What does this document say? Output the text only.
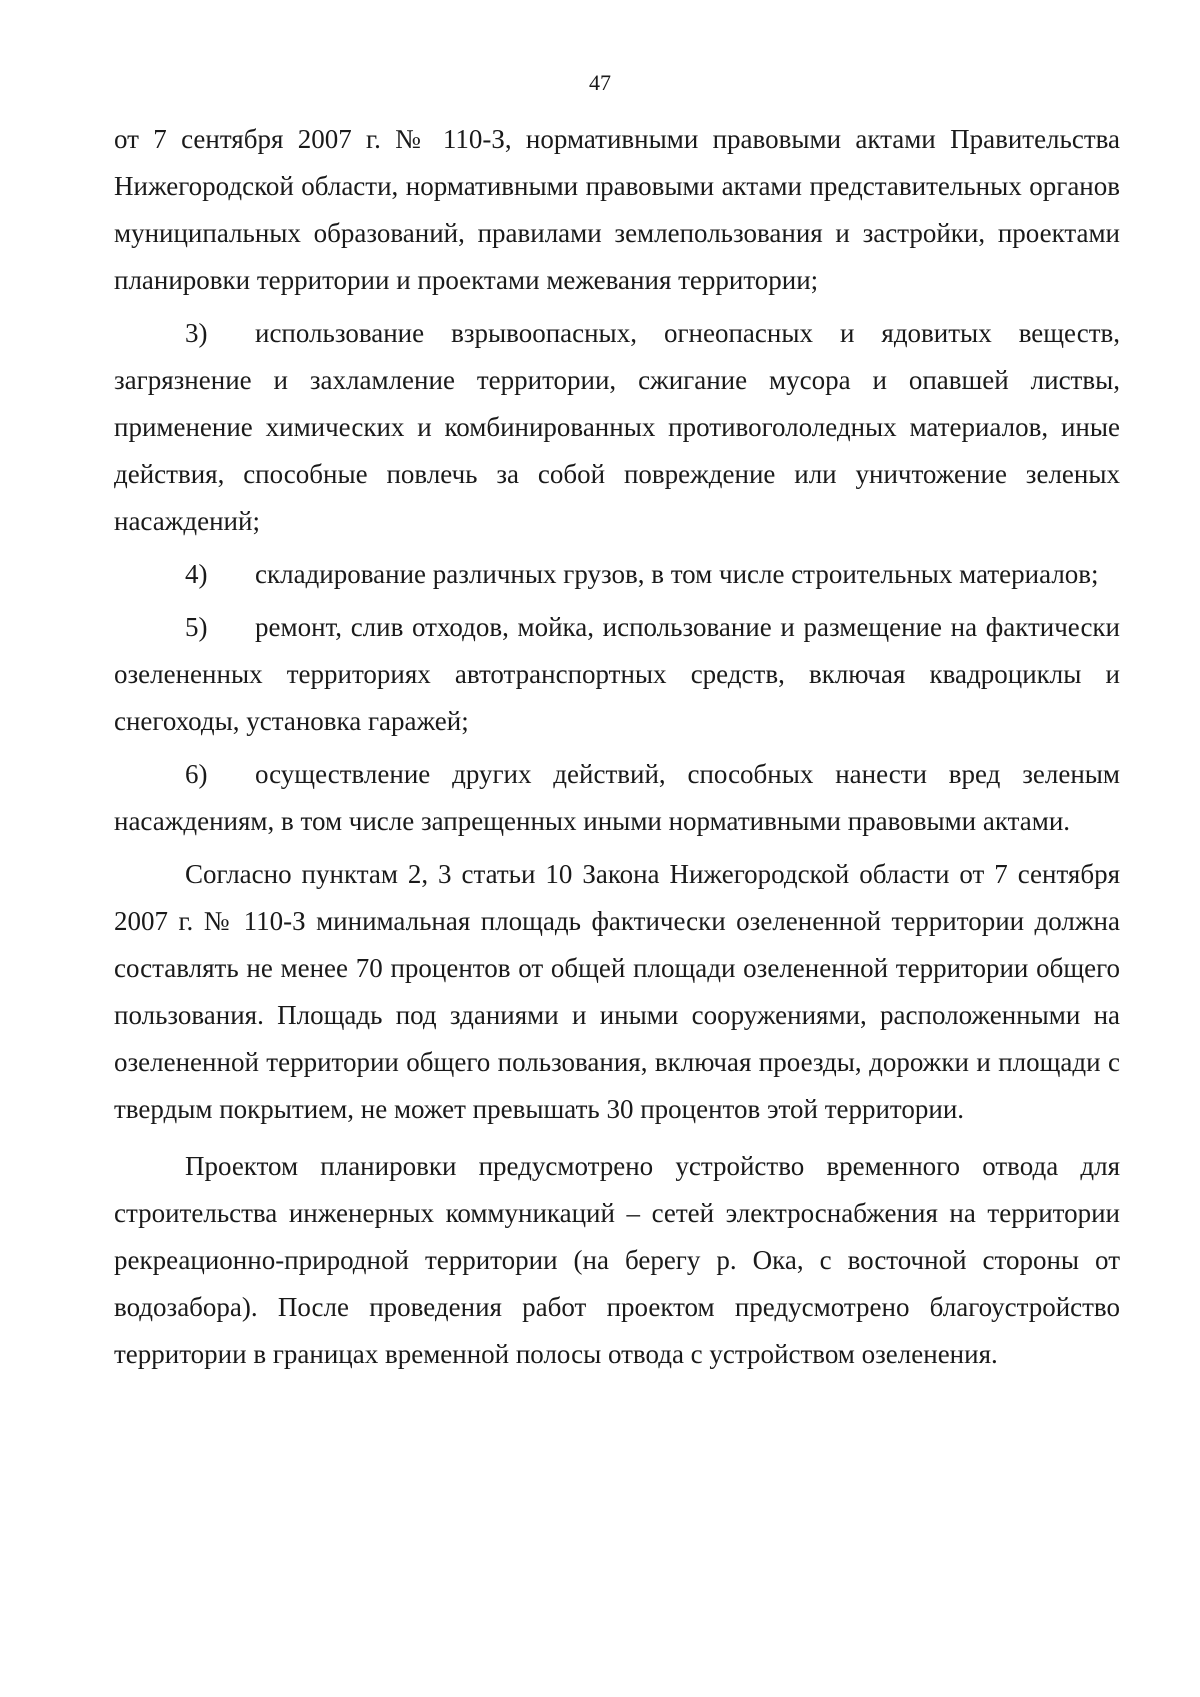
47

от 7 сентября 2007 г. № 110-З, нормативными правовыми актами Правительства Нижегородской области, нормативными правовыми актами представительных органов муниципальных образований, правилами землепользования и застройки, проектами планировки территории и проектами межевания территории;

3) использование взрывоопасных, огнеопасных и ядовитых веществ, загрязнение и захламление территории, сжигание мусора и опавшей листвы, применение химических и комбинированных противогололедных материалов, иные действия, способные повлечь за собой повреждение или уничтожение зеленых насаждений;

4) складирование различных грузов, в том числе строительных материалов;

5) ремонт, слив отходов, мойка, использование и размещение на фактически озелененных территориях автотранспортных средств, включая квадроциклы и снегоходы, установка гаражей;

6) осуществление других действий, способных нанести вред зеленым насаждениям, в том числе запрещенных иными нормативными правовыми актами.

Согласно пунктам 2, 3 статьи 10 Закона Нижегородской области от 7 сентября 2007 г. № 110-З минимальная площадь фактически озелененной территории должна составлять не менее 70 процентов от общей площади озелененной территории общего пользования. Площадь под зданиями и иными сооружениями, расположенными на озелененной территории общего пользования, включая проезды, дорожки и площади с твердым покрытием, не может превышать 30 процентов этой территории.

Проектом планировки предусмотрено устройство временного отвода для строительства инженерных коммуникаций – сетей электроснабжения на территории рекреационно-природной территории (на берегу р. Ока, с восточной стороны от водозабора). После проведения работ проектом предусмотрено благоустройство территории в границах временной полосы отвода с устройством озеленения.
